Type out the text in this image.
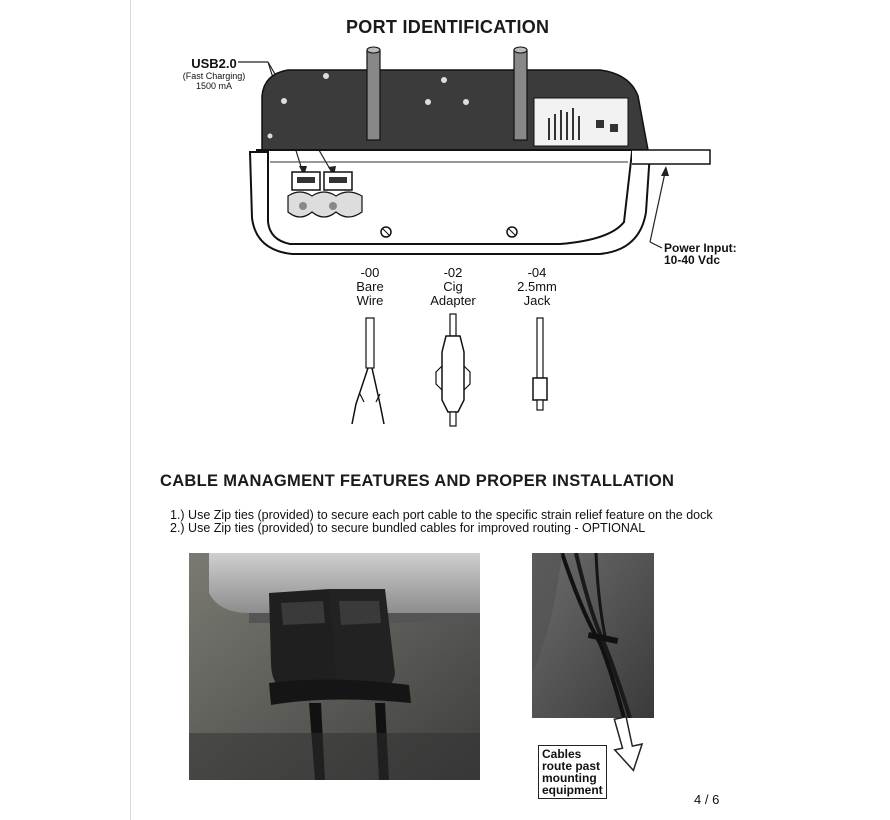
PORT IDENTIFICATION
USB2.0
(Fast Charging)
1500 mA
Power Input:
10-40 Vdc
-00
Bare
Wire
-02
Cig
Adapter
-04
2.5mm
Jack
CABLE MANAGMENT FEATURES AND PROPER INSTALLATION
1.) Use Zip ties (provided) to secure each port cable to the specific strain relief feature on the dock
2.) Use Zip ties (provided) to secure bundled cables for improved routing - OPTIONAL
Cables
route past
mounting
equipment
4 / 6
